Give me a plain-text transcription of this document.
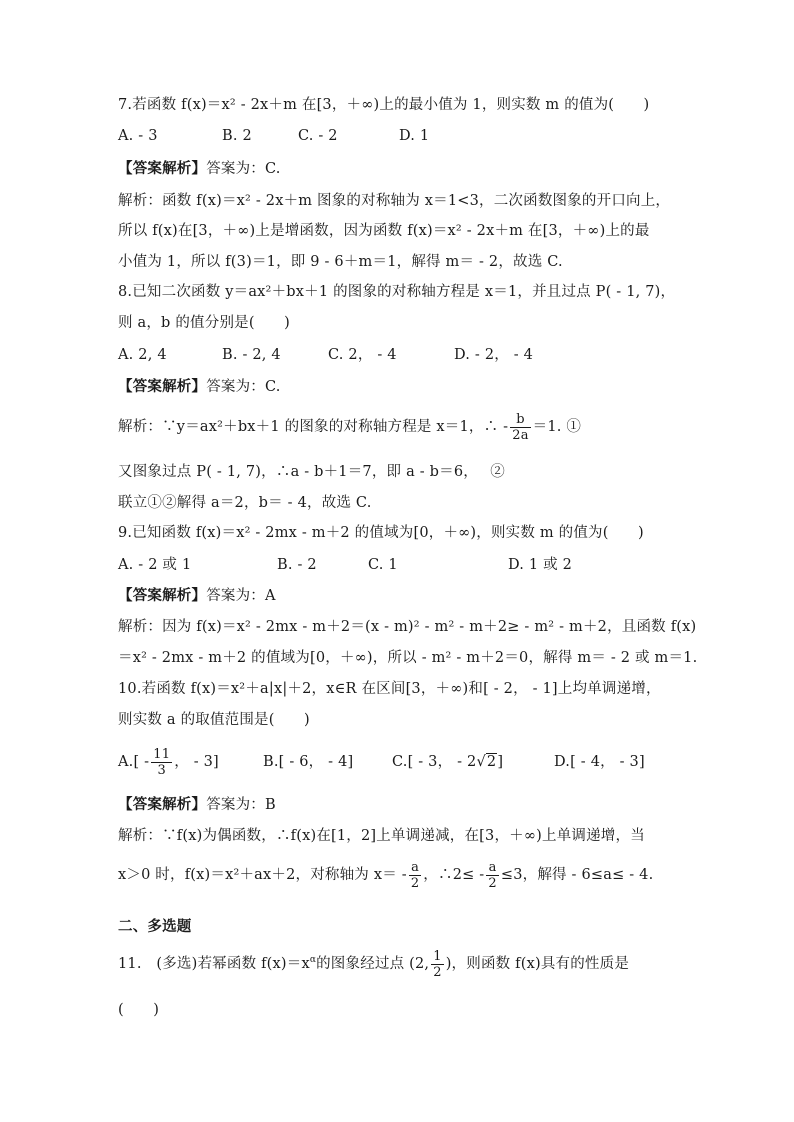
7.若函数 f(x)＝x² - 2x＋m 在[3，＋∞)上的最小值为 1，则实数 m 的值为(　　)
A. - 3	B. 2	C. - 2	D. 1
【答案解析】答案为：C.
解析：函数 f(x)＝x² - 2x＋m 图象的对称轴为 x＝1<3，二次函数图象的开口向上，
所以 f(x)在[3，＋∞)上是增函数，因为函数 f(x)＝x² - 2x＋m 在[3，＋∞)上的最
小值为 1，所以 f(3)＝1，即 9 - 6＋m＝1，解得 m＝ - 2，故选 C.
8.已知二次函数 y＝ax²＋bx＋1 的图象的对称轴方程是 x＝1，并且过点 P( - 1, 7)，
则 a，b 的值分别是(　　)
A. 2, 4	B. - 2, 4	C. 2， - 4	D. - 2， - 4
【答案解析】答案为：C.
解析：∵y＝ax²＋bx＋1 的图象的对称轴方程是 x＝1，∴ - $\frac{b}{2a} =1$. ①
又图象过点 P( - 1, 7)，∴a - b＋1＝7，即 a - b＝6，　 ②
联立①②解得 a＝2，b＝ - 4，故选 C.
9.已知函数 f(x)＝x² - 2mx - m＋2 的值域为[0，＋∞)，则实数 m 的值为(　　)
A. - 2 或 1	B. - 2	C. 1	D. 1 或 2
【答案解析】答案为：A
解析：因为 f(x)＝x² - 2mx - m＋2＝(x - m)² - m² - m＋2≥ - m² - m＋2，且函数 f(x)
＝x² - 2mx - m＋2 的值域为[0，＋∞)，所以 - m² - m＋2＝0，解得 m＝ - 2 或 m＝1.
10.若函数 f(x)＝x²＋a|x|＋2，x∈R 在区间[3，＋∞)和[ - 2， - 1]上均单调递增，
则实数 a 的取值范围是(　　)
$A.[ - \frac{11}{3}$ ， - 3]	B.[ - 6， - 4]	C.[ - 3， - 2√2]	D.[ - 4， - 3]
【答案解析】答案为：B
解析：∵f(x)为偶函数，∴f(x)在[1，2]上单调递减，在[3，＋∞)上单调递增，当
x＞0 时，f(x)＝x²＋ax＋2，对称轴为 $x= - \frac{a}{2}$ ，∴2≤ - $\frac{a}{2} \le 3$，解得 - 6≤a≤ - 4.
二、多选题
11.　(多选)若幂函数 $f(x)=x^\alpha$的图象经过点 (2, $\frac{1}{2}$ )，则函数 f(x)具有的性质是
(　　)
